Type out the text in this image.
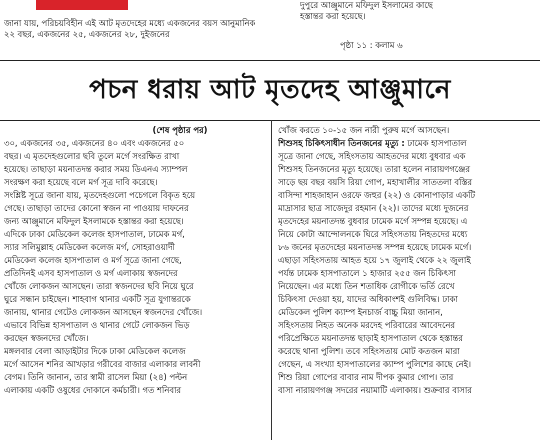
দুপুরে আঞ্জুমানে মফিদুল ইসলামের কাছে
হস্তান্তর করা হয়েছে।
জানা যায়, পরিচয়বিহীন এই আট মৃতদেহের মধ্যে একজনের বয়স আনুমানিক
২২ বছর, একজনের ২৫, একজনের ২৮, দুইজনের
পৃষ্ঠা ১১ : কলাম ৬
পচন ধরায় আট মৃতদেহ আঞ্জুমানে
(শেষ পৃষ্ঠার পর)
৩০, একজনের ৩৫, একজনের ৪০ এবং একজনের ৫০
বছর। এ মৃতদেহগুলোর ছবি তুলে মর্গে সংরক্ষিত রাখা
হয়েছে। তাছাড়া ময়নাতদন্ত করার সময় ডিএনএ স্যাম্পল
সংরক্ষণ করা হয়েছে বলে মর্গ সূত্র দাবি করেছে।
সংশ্লিষ্ট সূত্রে জানা যায়, মৃতদেহগুলো পচেগলে বিকৃত হয়ে
গেছে। তাছাড়া তাদের কোনো স্বজন না পাওয়ায় দাফনের
জন্য আঞ্জুমানে মফিদুল ইসলামকে হস্তান্তর করা হয়েছে।
এদিকে ঢাকা মেডিকেল কলেজ হাসপাতাল, ঢামেক মর্গ,
স্যার সলিমুল্লাহ মেডিকেল কলেজ মর্গ, সোহরাওয়ার্দী
মেডিকেল কলেজ হাসপাতাল ও মর্গ সূত্রে জানা গেছে,
প্রতিদিনই এসব হাসপাতাল ও মর্গ এলাকায় স্বজনদের
খোঁজে লোকজন আসছেন। তারা স্বজনদের ছবি নিয়ে ঘুরে
ঘুরে সন্ধান চাইছেন। শাহবাগ থানার একটি সূত্র যুগান্তরকে
জানায়, থানার গেটেও লোকজন আসছেন স্বজনদের খোঁজে।
এভাবে বিভিন্ন হাসপাতাল ও থানার গেটে লোকজন ভিড়
করছেন স্বজনদের খোঁজে।
মঙ্গলবার বেলা আড়াইটার দিকে ঢাকা মেডিকেল কলেজ
মর্গে আসেন শনির আখড়ার গরীবের বাজার এলাকার লাবনী
বেগম। তিনি জানান, তার স্বামী রাসেল মিয়া (২৪) পল্টন
এলাকায় একটি ওষুধের দোকানে কর্মচারী। গত শনিবার
খোঁজ করতে ১০-১৫ জন নারী পুরুষ মর্গে আসছেন।
শিশুসহ চিকিৎসাধীন তিনজনের মৃত্যু : ঢামেক হাসপাতাল
সূত্রে জানা গেছে, সহিংসতায় আহতদের মধ্যে বুধবার এক
শিশুসহ তিনজনের মৃত্যু হয়েছে। তারা হলেন নারায়ণগঞ্জের
সাড়ে ছয় বছর বয়সি রিয়া গোপ, মহাখালীর সাততলা বস্তির
বাসিন্দা শাহজাহান ওরফে জহুর (২২) ও কোনাপাড়ার একটি
মাদ্রাসার ছাত্র সাজেদুর রহমান (২২)। তাদের মধ্যে দুজনের
মৃতদেহের ময়নাতদন্ত বুধবার ঢামেক মর্গে সম্পন্ন হয়েছে। এ
নিয়ে কোটা আন্দোলনকে ঘিরে সহিংসতায় নিহতদের মধ্যে
৮৬ জনের মৃতদেহের ময়নাতদন্ত সম্পন্ন হয়েছে ঢামেক মর্গে।
এছাড়া সহিংসতায় আহত হয়ে ১৭ জুলাই থেকে ২২ জুলাই
পর্যন্ত ঢামেক হাসপাতালে ১ হাজার ২৫৫ জন চিকিৎসা
নিয়েছেন। এর মধ্যে তিন শতাধিক রোগীকে ভর্তি রেখে
চিকিৎসা দেওয়া হয়, যাদের অধিকাংশই গুলিবিদ্ধ। ঢাকা
মেডিকেল পুলিশ ক্যাম্প ইনচার্জ বাচ্চু মিয়া জানান,
সহিংসতায় নিহত অনেক মরদেহ পরিবারের আবেদনের
পরিপ্রেক্ষিতে ময়নাতদন্ত ছাড়াই হাসপাতাল থেকে হস্তান্তর
করেছে থানা পুলিশ। তবে সহিংসতায় মোট কতজন মারা
গেছেন, এ সংখ্যা হাসপাতালের ক্যাম্প পুলিশের কাছে নেই।
শিশু রিয়া গোপের বাবার নাম দীপক কুমার গোপ। তার
বাসা নারায়ণগঞ্জ সদরের নয়ামাটি এলাকায়। শুক্রবার বাসার
